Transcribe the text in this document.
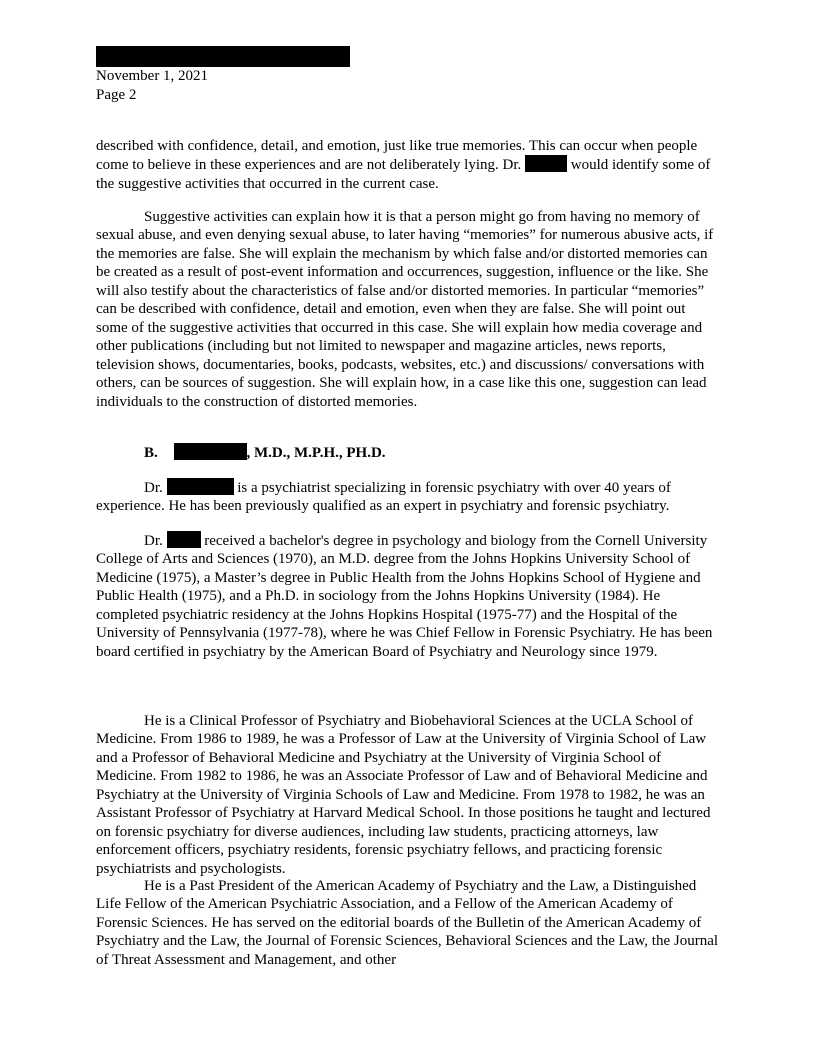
November 1, 2021
Page 2
described with confidence, detail, and emotion, just like true memories. This can occur when people come to believe in these experiences and are not deliberately lying. Dr.	would identify some of the suggestive activities that occurred in the current case.
Suggestive activities can explain how it is that a person might go from having no memory of sexual abuse, and even denying sexual abuse, to later having “memories” for numerous abusive acts, if the memories are false. She will explain the mechanism by which false and/or distorted memories can be created as a result of post-event information and occurrences, suggestion, influence or the like. She will also testify about the characteristics of false and/or distorted memories. In particular “memories” can be described with confidence, detail and emotion, even when they are false. She will point out some of the suggestive activities that occurred in this case. She will explain how media coverage and other publications (including but not limited to newspaper and magazine articles, news reports, television shows, documentaries, books, podcasts, websites, etc.) and discussions/ conversations with others, can be sources of suggestion. She will explain how, in a case like this one, suggestion can lead individuals to the construction of distorted memories.
B.	, M.D., M.P.H., PH.D.
Dr.	is a psychiatrist specializing in forensic psychiatry with over 40 years of experience. He has been previously qualified as an expert in psychiatry and forensic psychiatry.
Dr.	received a bachelor's degree in psychology and biology from the Cornell University College of Arts and Sciences (1970), an M.D. degree from the Johns Hopkins University School of Medicine (1975), a Master’s degree in Public Health from the Johns Hopkins School of Hygiene and Public Health (1975), and a Ph.D. in sociology from the Johns Hopkins University (1984). He completed psychiatric residency at the Johns Hopkins Hospital (1975-77) and the Hospital of the University of Pennsylvania (1977-78), where he was Chief Fellow in Forensic Psychiatry. He has been board certified in psychiatry by the American Board of Psychiatry and Neurology since 1979.
He is a Clinical Professor of Psychiatry and Biobehavioral Sciences at the UCLA School of Medicine. From 1986 to 1989, he was a Professor of Law at the University of Virginia School of Law and a Professor of Behavioral Medicine and Psychiatry at the University of Virginia School of Medicine. From 1982 to 1986, he was an Associate Professor of Law and of Behavioral Medicine and Psychiatry at the University of Virginia Schools of Law and Medicine. From 1978 to 1982, he was an Assistant Professor of Psychiatry at Harvard Medical School. In those positions he taught and lectured on forensic psychiatry for diverse audiences, including law students, practicing attorneys, law enforcement officers, psychiatry residents, forensic psychiatry fellows, and practicing forensic psychiatrists and psychologists.
He is a Past President of the American Academy of Psychiatry and the Law, a Distinguished Life Fellow of the American Psychiatric Association, and a Fellow of the American Academy of Forensic Sciences. He has served on the editorial boards of the Bulletin of the American Academy of Psychiatry and the Law, the Journal of Forensic Sciences, Behavioral Sciences and the Law, the Journal of Threat Assessment and Management, and other
